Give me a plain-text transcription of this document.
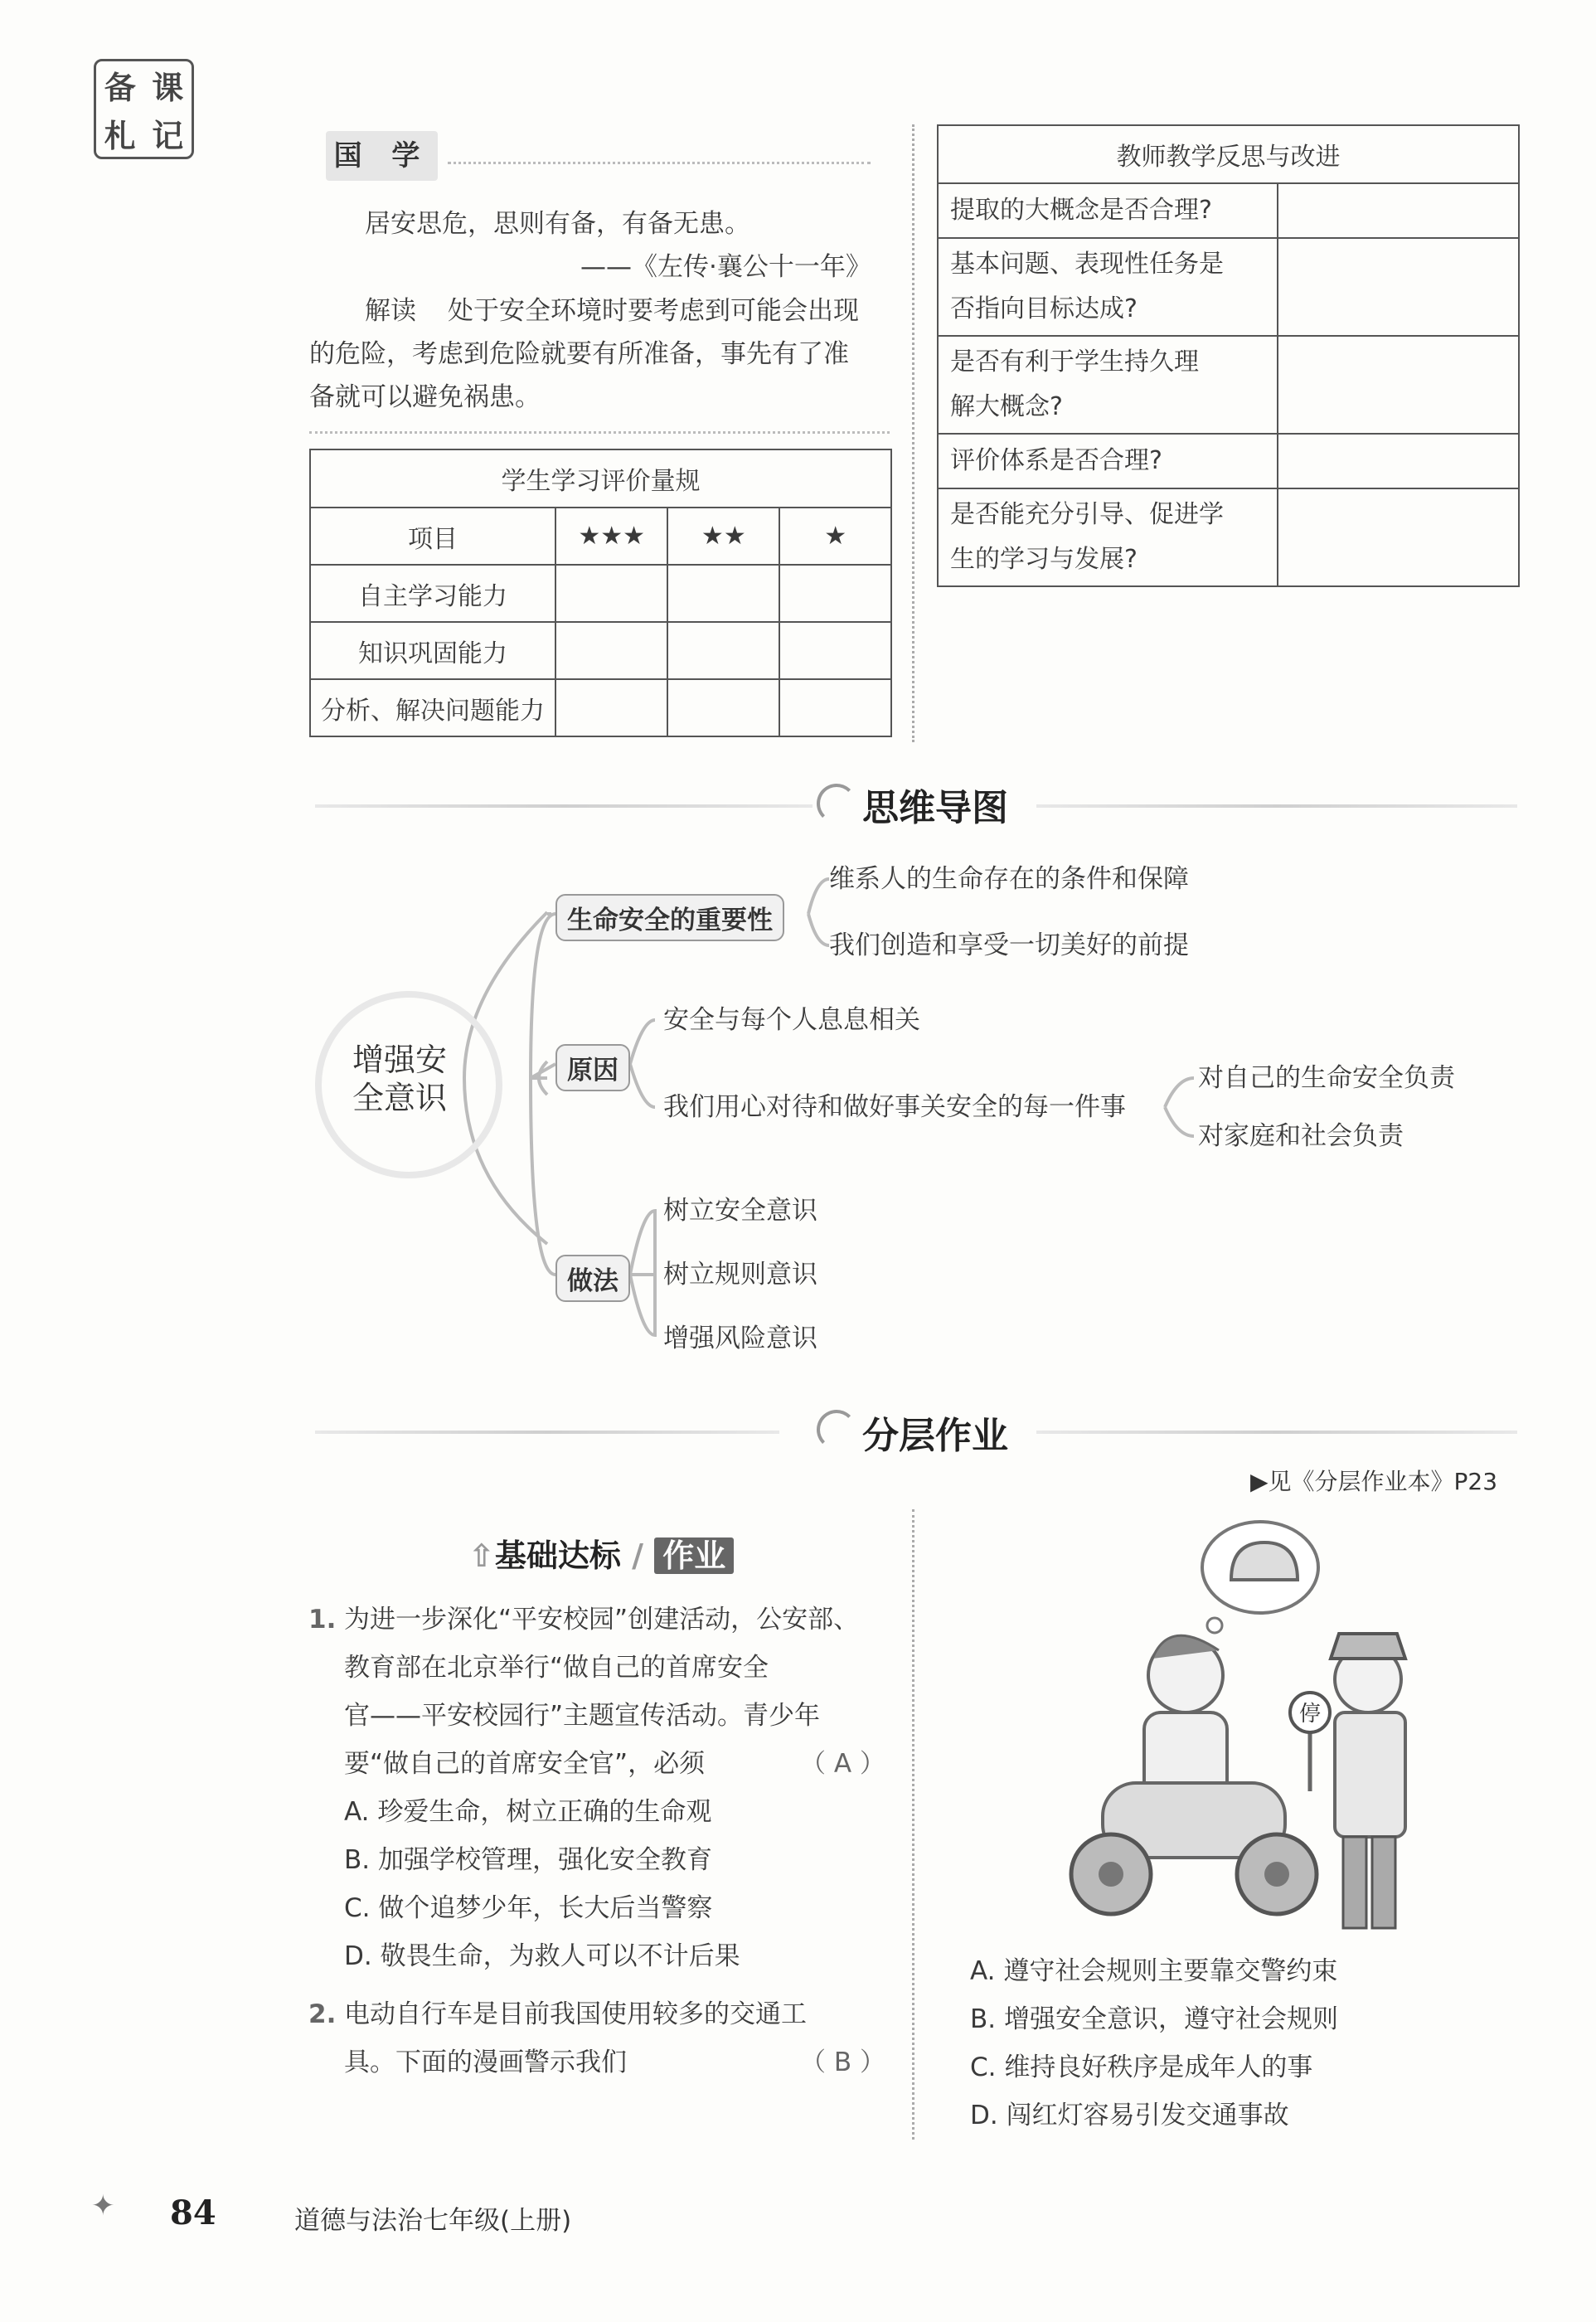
备 课
札 记
国 学
居安思危，思则有备，有备无患。
——《左传·襄公十一年》
解读 处于安全环境时要考虑到可能会出现
的危险，考虑到危险就要有所准备，事先有了准
备就可以避免祸患。
学生学习评价量规			
项目	★★★	★★	★
自主学习能力			
知识巩固能力			
分析、解决问题能力			
教师教学反思与改进	
提取的大概念是否合理?	

基本问题、表现性任务是
否指向目标达成?	

是否有利于学生持久理
解大概念?	

评价体系是否合理?	

是否能充分引导、促进学
生的学习与发展?	

思维导图
增强安
全意识
生命安全的重要性
维系人的生命存在的条件和保障
我们创造和享受一切美好的前提
原因
安全与每个人息息相关
我们用心对待和做好事关安全的每一件事
对自己的生命安全负责
对家庭和社会负责
做法
树立安全意识
树立规则意识
增强风险意识
分层作业
▶见《分层作业本》P23
⇧基础达标 / 作业
1. 为进一步深化“平安校园”创建活动，公安部、
教育部在北京举行“做自己的首席安全
官——平安校园行”主题宣传活动。青少年
要“做自己的首席安全官”，必须	（ A ）
A. 珍爱生命，树立正确的生命观
B. 加强学校管理，强化安全教育
C. 做个追梦少年，长大后当警察
D. 敬畏生命，为救人可以不计后果
2. 电动自行车是目前我国使用较多的交通工
具。下面的漫画警示我们	（ B ）
停
A. 遵守社会规则主要靠交警约束
B. 增强安全意识，遵守社会规则
C. 维持良好秩序是成年人的事
D. 闯红灯容易引发交通事故
✦ 84	道德与法治七年级(上册)
